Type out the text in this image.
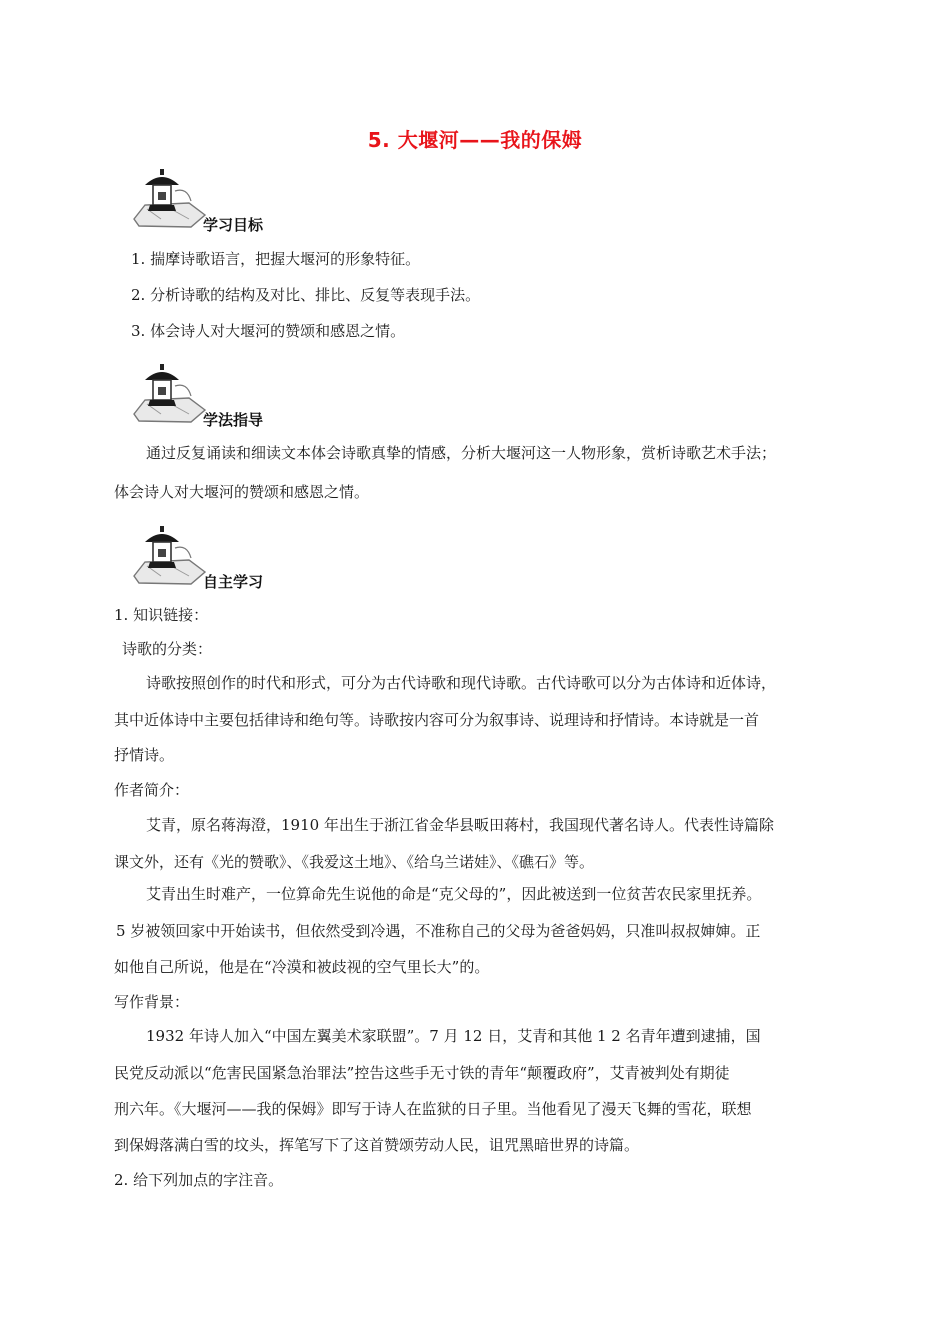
5. 大堰河——我的保姆
学习目标
1. 揣摩诗歌语言，把握大堰河的形象特征。
2. 分析诗歌的结构及对比、排比、反复等表现手法。
3. 体会诗人对大堰河的赞颂和感恩之情。
学法指导
通过反复诵读和细读文本体会诗歌真挚的情感，分析大堰河这一人物形象，赏析诗歌艺术手法；
体会诗人对大堰河的赞颂和感恩之情。
自主学习
1. 知识链接：
诗歌的分类：
诗歌按照创作的时代和形式，可分为古代诗歌和现代诗歌。古代诗歌可以分为古体诗和近体诗，
其中近体诗中主要包括律诗和绝句等。诗歌按内容可分为叙事诗、说理诗和抒情诗。本诗就是一首
抒情诗。
作者简介：
艾青，原名蒋海澄，1910 年出生于浙江省金华县畈田蒋村，我国现代著名诗人。代表性诗篇除
课文外，还有《光的赞歌》、《我爱这土地》、《给乌兰诺娃》、《礁石》等。
艾青出生时难产，一位算命先生说他的命是“克父母的”，因此被送到一位贫苦农民家里抚养。
5 岁被领回家中开始读书，但依然受到冷遇，不准称自己的父母为爸爸妈妈，只准叫叔叔婶婶。正
如他自己所说，他是在“冷漠和被歧视的空气里长大”的。
写作背景：
1932 年诗人加入“中国左翼美术家联盟”。7 月 12 日，艾青和其他 1 2 名青年遭到逮捕，国
民党反动派以“危害民国紧急治罪法”控告这些手无寸铁的青年“颠覆政府”，艾青被判处有期徒
刑六年。《大堰河——我的保姆》即写于诗人在监狱的日子里。当他看见了漫天飞舞的雪花，联想
到保姆落满白雪的坟头，挥笔写下了这首赞颂劳动人民，诅咒黑暗世界的诗篇。
2. 给下列加点的字注音。
